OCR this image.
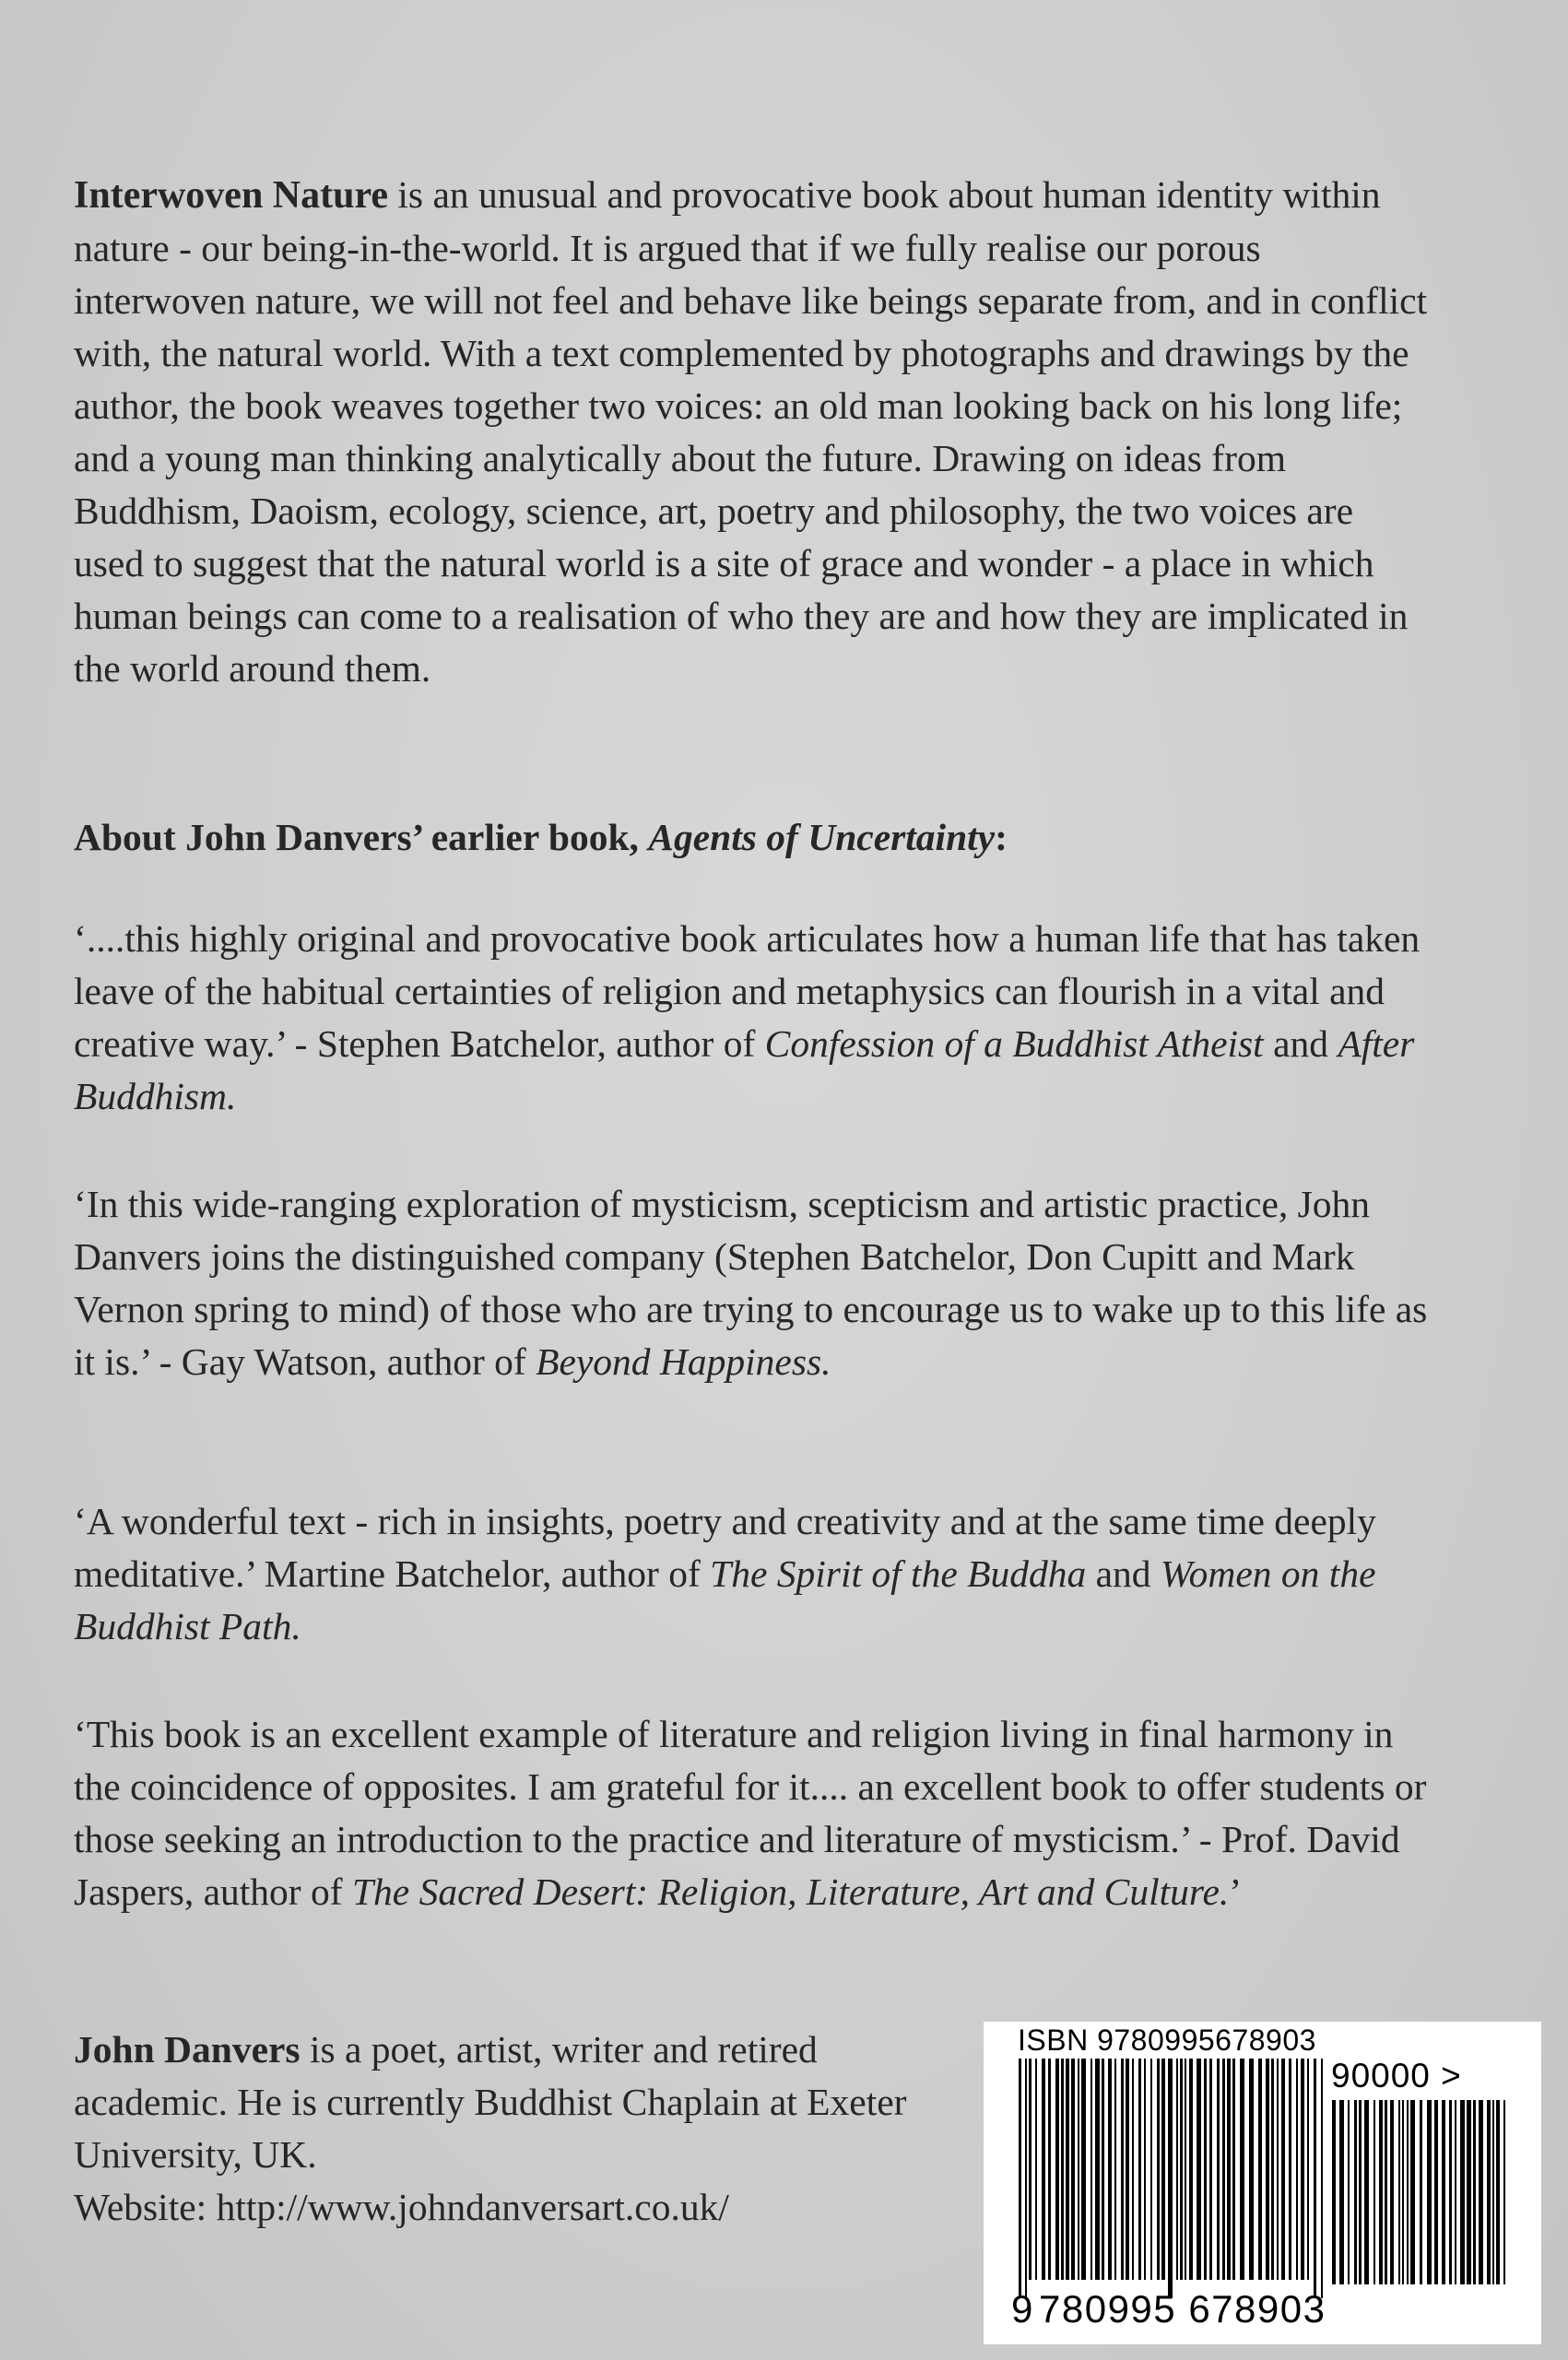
Interwoven Nature is an unusual and provocative book about human identity within nature - our being-in-the-world. It is argued that if we fully realise our porous interwoven nature, we will not feel and behave like beings separate from, and in conflict with, the natural world. With a text complemented by photographs and drawings by the author, the book weaves together two voices: an old man looking back on his long life; and a young man thinking analytically about the future. Drawing on ideas from Buddhism, Daoism, ecology, science, art, poetry and philosophy, the two voices are used to suggest that the natural world is a site of grace and wonder - a place in which human beings can come to a realisation of who they are and how they are implicated in the world around them.

About John Danvers’ earlier book, Agents of Uncertainty:

‘....this highly original and provocative book articulates how a human life that has taken leave of the habitual certainties of religion and metaphysics can flourish in a vital and creative way.’ - Stephen Batchelor, author of Confession of a Buddhist Atheist and After Buddhism.

‘In this wide-ranging exploration of mysticism, scepticism and artistic practice, John Danvers joins the distinguished company (Stephen Batchelor, Don Cupitt and Mark Vernon spring to mind) of those who are trying to encourage us to wake up to this life as it is.’ - Gay Watson, author of Beyond Happiness.

‘A wonderful text - rich in insights, poetry and creativity and at the same time deeply meditative.’ Martine Batchelor, author of The Spirit of the Buddha and Women on the Buddhist Path.

‘This book is an excellent example of literature and religion living in final harmony in the coincidence of opposites. I am grateful for it.... an excellent book to offer students or those seeking an introduction to the practice and literature of mysticism.’ - Prof. David Jaspers, author of The Sacred Desert: Religion, Literature, Art and Culture.’

John Danvers is a poet, artist, writer and retired academic. He is currently Buddhist Chaplain at Exeter University, UK.
Website: http://www.johndanversart.co.uk/

ISBN 9780995678903
90000 >
9 780995 678903
